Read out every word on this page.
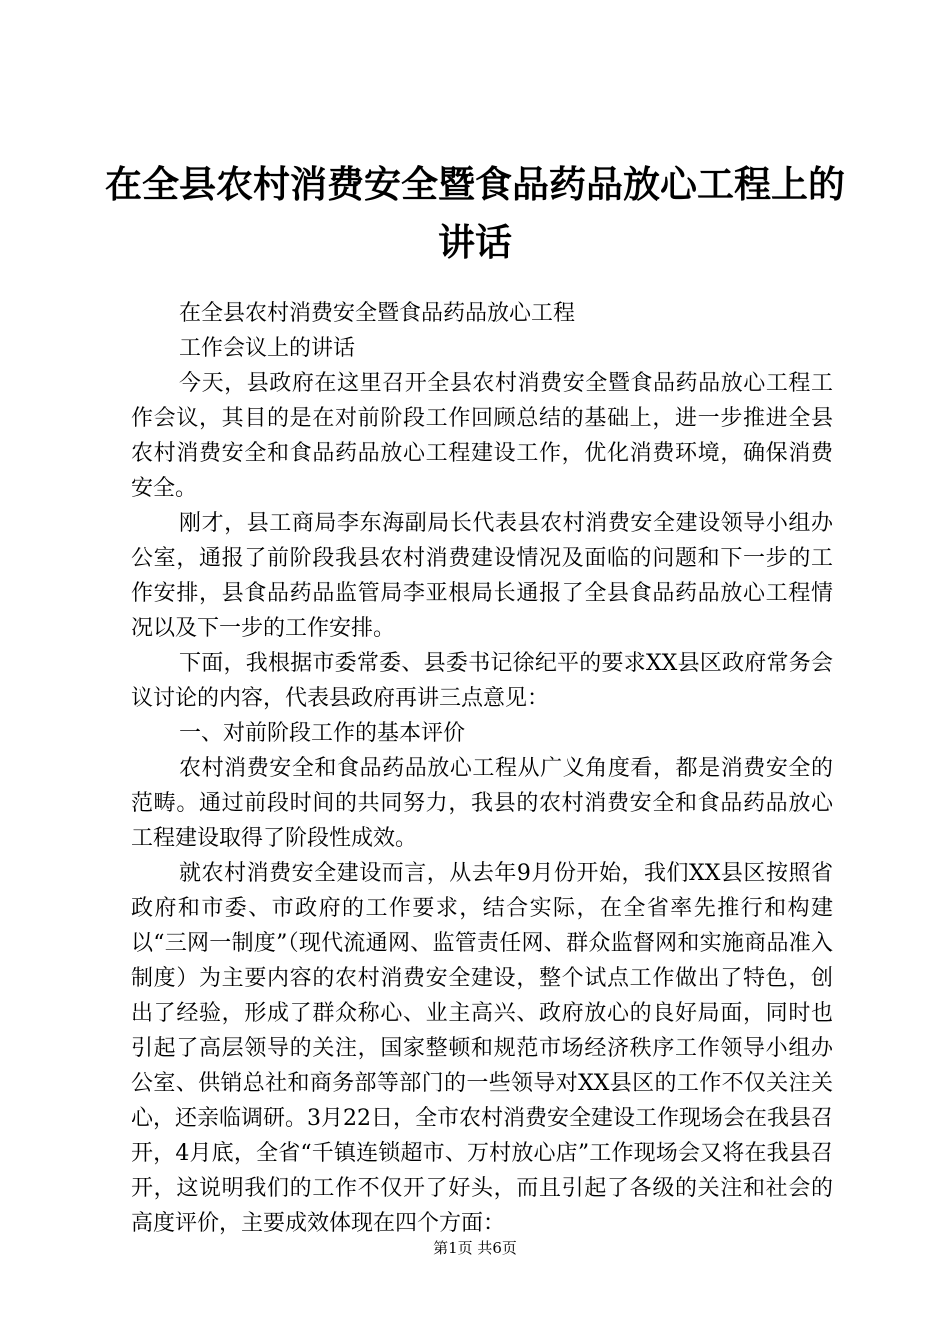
在全县农村消费安全暨食品药品放心工程上的讲话

在全县农村消费安全暨食品药品放心工程

工作会议上的讲话

今天，县政府在这里召开全县农村消费安全暨食品药品放心工程工作会议，其目的是在对前阶段工作回顾总结的基础上，进一步推进全县农村消费安全和食品药品放心工程建设工作，优化消费环境，确保消费安全。

刚才，县工商局李东海副局长代表县农村消费安全建设领导小组办公室，通报了前阶段我县农村消费建设情况及面临的问题和下一步的工作安排，县食品药品监管局李亚根局长通报了全县食品药品放心工程情况以及下一步的工作安排。

下面，我根据市委常委、县委书记徐纪平的要求XX县区政府常务会议讨论的内容，代表县政府再讲三点意见：

一、对前阶段工作的基本评价

农村消费安全和食品药品放心工程从广义角度看，都是消费安全的范畴。通过前段时间的共同努力，我县的农村消费安全和食品药品放心工程建设取得了阶段性成效。

就农村消费安全建设而言，从去年9月份开始，我们XX县区按照省政府和市委、市政府的工作要求，结合实际，在全省率先推行和构建以“三网一制度”（现代流通网、监管责任网、群众监督网和实施商品准入制度）为主要内容的农村消费安全建设，整个试点工作做出了特色，创出了经验，形成了群众称心、业主高兴、政府放心的良好局面，同时也引起了高层领导的关注，国家整顿和规范市场经济秩序工作领导小组办公室、供销总社和商务部等部门的一些领导对XX县区的工作不仅关注关心，还亲临调研。3月22日，全市农村消费安全建设工作现场会在我县召开，4月底，全省“千镇连锁超市、万村放心店”工作现场会又将在我县召开，这说明我们的工作不仅开了好头，而且引起了各级的关注和社会的高度评价，主要成效体现在四个方面：

第1页 共6页
